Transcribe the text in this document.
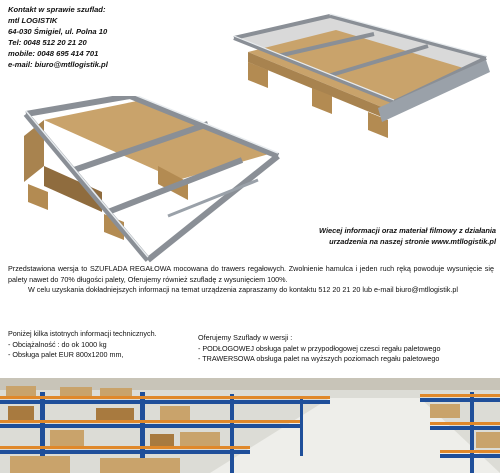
Kontakt w sprawie szuflad:
mtl LOGISTIK
64-030 Śmigiel, ul. Polna 10
Tel: 0048 512 20 21 20
mobile: 0048 695 414 701
e-mail: biuro@mtllogistik.pl
Wiecej informacji oraz materiał filmowy z działania
urzadzenia na naszej stronie www.mtllogistik.pl

Przedstawiona wersja to SZUFLADA REGAŁOWA mocowana do trawers regałowych. Zwolnienie hamulca i jeden ruch ręką powoduje wysunięcie się palety nawet do 70% długości palety, Oferujemy również szufladę z wysunięciem 100%.

W celu uzyskania dokładniejszych informacji na temat urządzenia zapraszamy do kontaktu 512 20 21 20 lub e-mail biuro@mtllogistik.pl

Poniżej kilka istotnych informacji technicznych.
- Obciążalność : do ok 1000 kg
- Obsługa palet EUR 800x1200 mm,
Oferujemy Szuflady w wersji :
- PODŁOGOWEJ obsługa palet w przypodłogowej czesci regału paletowego
- TRAWERSOWA obsługa palet na wyższych poziomach regału paletowego
